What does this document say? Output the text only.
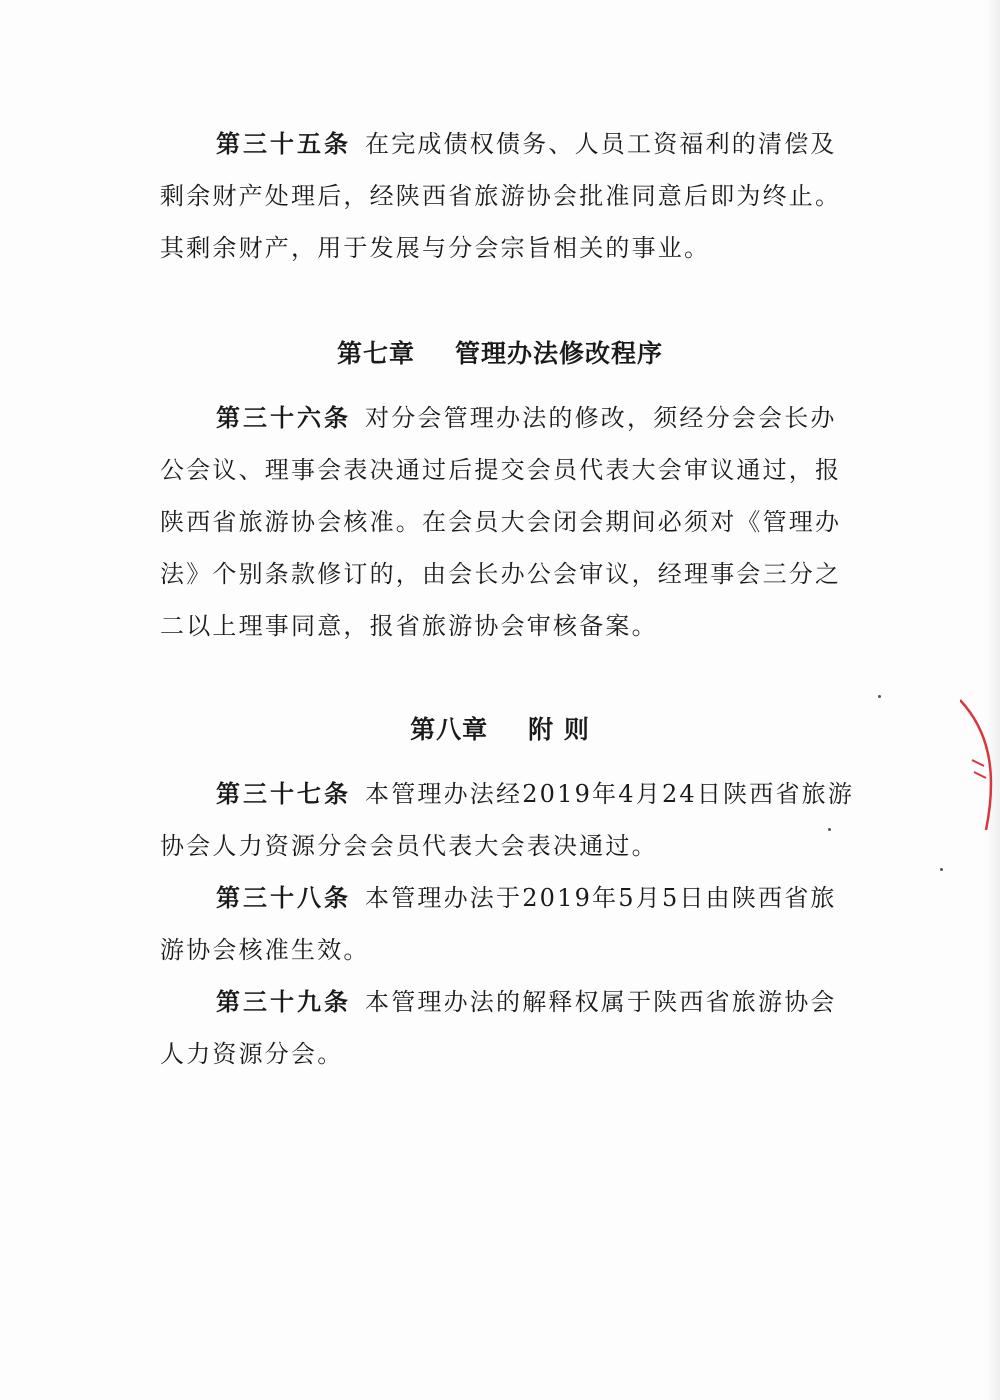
第三十五条 在完成债权债务、人员工资福利的清偿及剩余财产处理后，经陕西省旅游协会批准同意后即为终止。其剩余财产，用于发展与分会宗旨相关的事业。

第七章 管理办法修改程序

第三十六条 对分会管理办法的修改，须经分会会长办公会议、理事会表决通过后提交会员代表大会审议通过，报陕西省旅游协会核准。在会员大会闭会期间必须对《管理办法》个别条款修订的，由会长办公会审议，经理事会三分之二以上理事同意，报省旅游协会审核备案。

第八章 附 则

第三十七条 本管理办法经2019年4月24日陕西省旅游协会人力资源分会会员代表大会表决通过。

第三十八条 本管理办法于2019年5月5日由陕西省旅游协会核准生效。

第三十九条 本管理办法的解释权属于陕西省旅游协会人力资源分会。
